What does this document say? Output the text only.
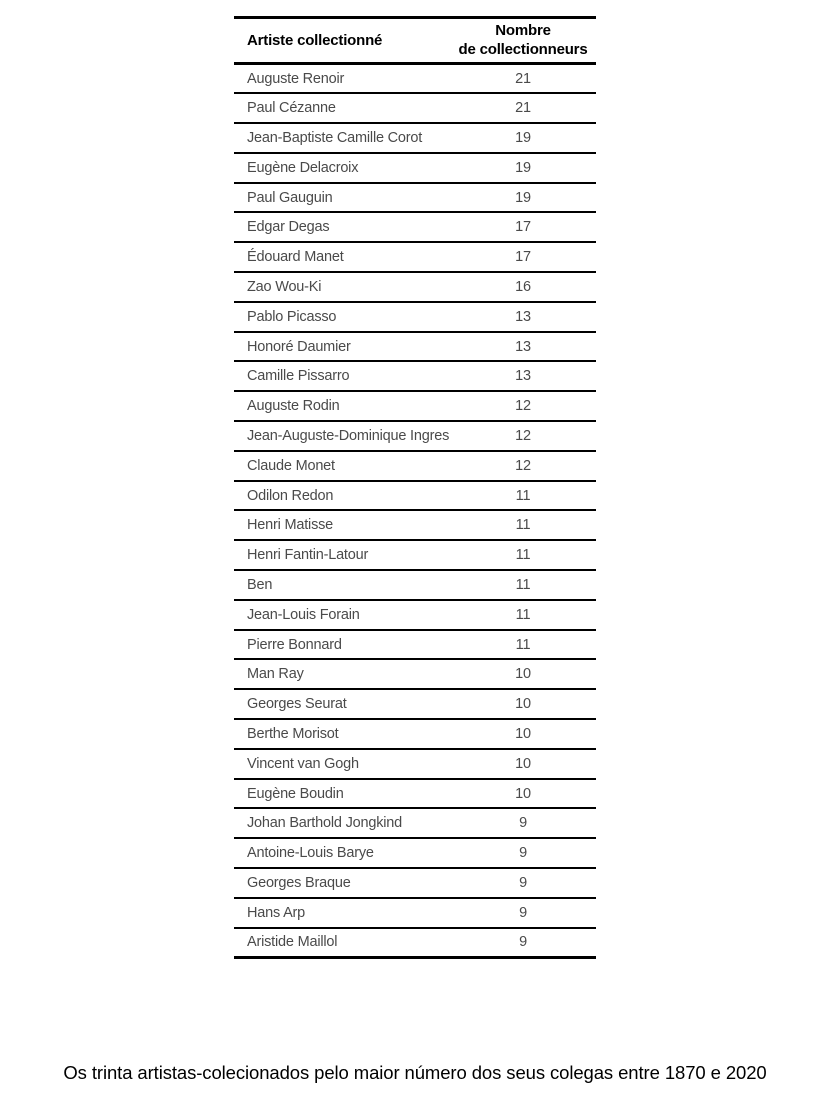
Artiste collectionné	Nombre
de collectionneurs
Auguste Renoir	21
Paul Cézanne	21
Jean-Baptiste Camille Corot	19
Eugène Delacroix	19
Paul Gauguin	19
Edgar Degas	17
Édouard Manet	17
Zao Wou-Ki	16
Pablo Picasso	13
Honoré Daumier	13
Camille Pissarro	13
Auguste Rodin	12
Jean-Auguste-Dominique Ingres	12
Claude Monet	12
Odilon Redon	11
Henri Matisse	11
Henri Fantin-Latour	11
Ben	11
Jean-Louis Forain	11
Pierre Bonnard	11
Man Ray	10
Georges Seurat	10
Berthe Morisot	10
Vincent van Gogh	10
Eugène Boudin	10
Johan Barthold Jongkind	9
Antoine-Louis Barye	9
Georges Braque	9
Hans Arp	9
Aristide Maillol	9
Os trinta artistas-colecionados pelo maior número dos seus colegas entre 1870 e 2020
